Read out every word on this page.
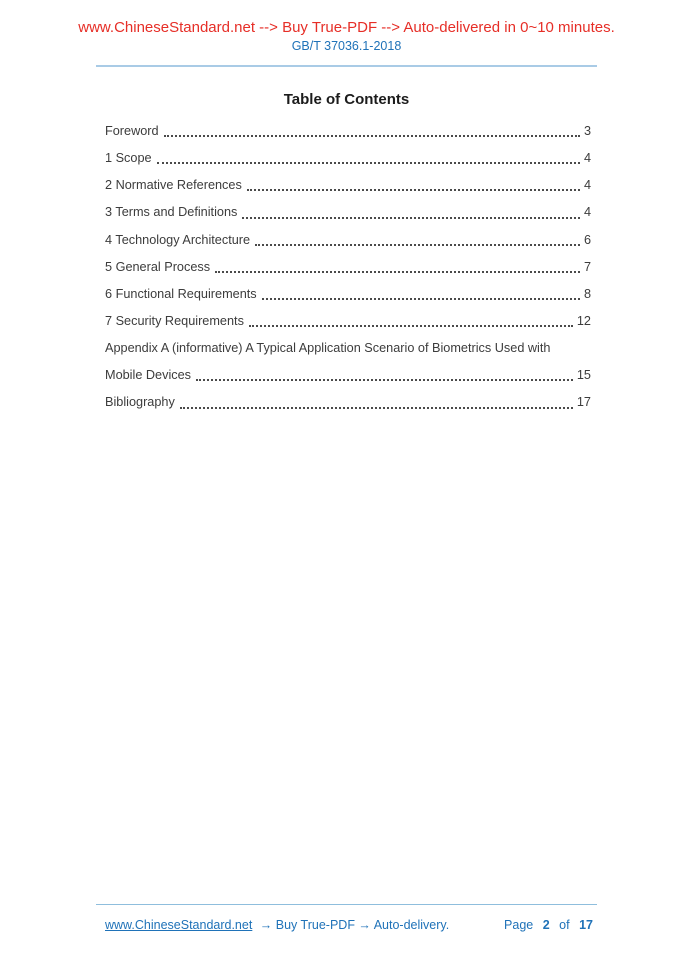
www.ChineseStandard.net --> Buy True-PDF --> Auto-delivered in 0~10 minutes.
GB/T 37036.1-2018
Table of Contents
Foreword	3
1 Scope	4
2 Normative References	4
3 Terms and Definitions	4
4 Technology Architecture	6
5 General Process	7
6 Functional Requirements	8
7 Security Requirements	12
Appendix A (informative) A Typical Application Scenario of Biometrics Used with
Mobile Devices	15
Bibliography	17
www.ChineseStandard.net → Buy True-PDF → Auto-delivery.	Page 2 of 17
